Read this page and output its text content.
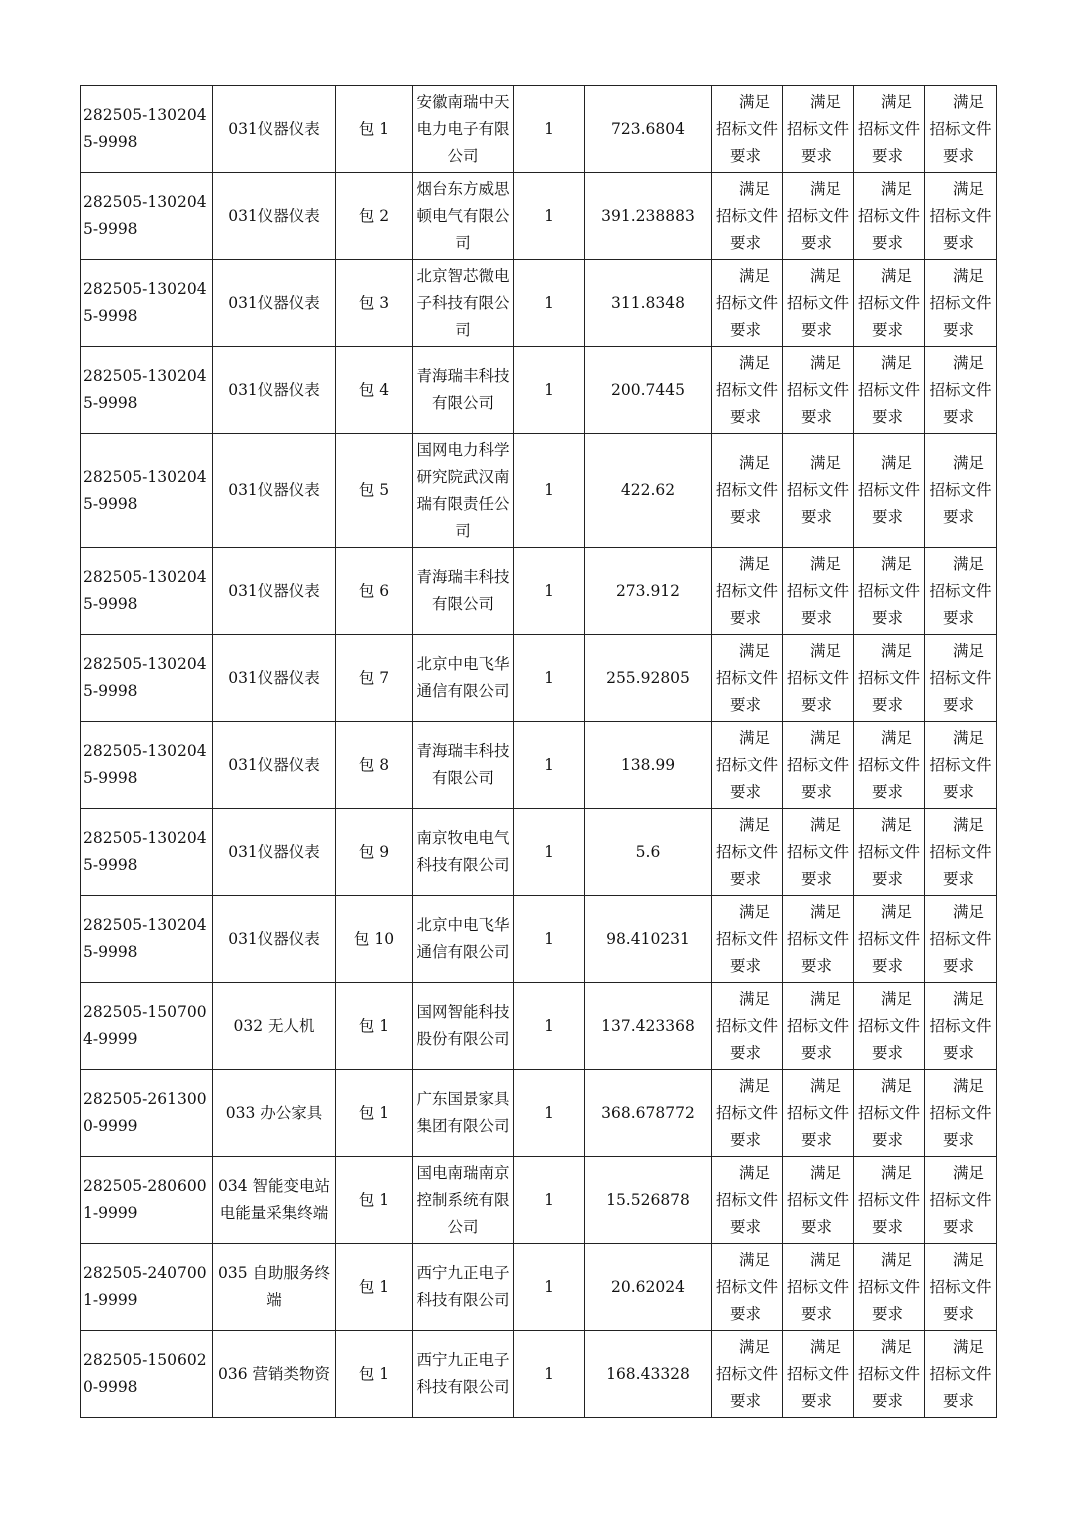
282505-1302045-9998	031仪器仪表	包 1	安徽南瑞中天电力电子有限公司	1	723.6804	满足
招标文件
要求	满足
招标文件
要求	满足
招标文件
要求	满足
招标文件
要求

282505-1302045-9998	031仪器仪表	包 2	烟台东方威思顿电气有限公司	1	391.238883	满足
招标文件
要求	满足
招标文件
要求	满足
招标文件
要求	满足
招标文件
要求

282505-1302045-9998	031仪器仪表	包 3	北京智芯微电子科技有限公司	1	311.8348	满足
招标文件
要求	满足
招标文件
要求	满足
招标文件
要求	满足
招标文件
要求

282505-1302045-9998	031仪器仪表	包 4	青海瑞丰科技有限公司	1	200.7445	满足
招标文件
要求	满足
招标文件
要求	满足
招标文件
要求	满足
招标文件
要求

282505-1302045-9998	031仪器仪表	包 5	国网电力科学研究院武汉南瑞有限责任公司	1	422.62	满足
招标文件
要求	满足
招标文件
要求	满足
招标文件
要求	满足
招标文件
要求

282505-1302045-9998	031仪器仪表	包 6	青海瑞丰科技有限公司	1	273.912	满足
招标文件
要求	满足
招标文件
要求	满足
招标文件
要求	满足
招标文件
要求

282505-1302045-9998	031仪器仪表	包 7	北京中电飞华通信有限公司	1	255.92805	满足
招标文件
要求	满足
招标文件
要求	满足
招标文件
要求	满足
招标文件
要求

282505-1302045-9998	031仪器仪表	包 8	青海瑞丰科技有限公司	1	138.99	满足
招标文件
要求	满足
招标文件
要求	满足
招标文件
要求	满足
招标文件
要求

282505-1302045-9998	031仪器仪表	包 9	南京牧电电气科技有限公司	1	5.6	满足
招标文件
要求	满足
招标文件
要求	满足
招标文件
要求	满足
招标文件
要求

282505-1302045-9998	031仪器仪表	包 10	北京中电飞华通信有限公司	1	98.410231	满足
招标文件
要求	满足
招标文件
要求	满足
招标文件
要求	满足
招标文件
要求

282505-1507004-9999	032 无人机	包 1	国网智能科技股份有限公司	1	137.423368	满足
招标文件
要求	满足
招标文件
要求	满足
招标文件
要求	满足
招标文件
要求

282505-2613000-9999	033 办公家具	包 1	广东国景家具集团有限公司	1	368.678772	满足
招标文件
要求	满足
招标文件
要求	满足
招标文件
要求	满足
招标文件
要求

282505-2806001-9999	034 智能变电站电能量采集终端	包 1	国电南瑞南京控制系统有限公司	1	15.526878	满足
招标文件
要求	满足
招标文件
要求	满足
招标文件
要求	满足
招标文件
要求

282505-2407001-9999	035 自助服务终端	包 1	西宁九正电子科技有限公司	1	20.62024	满足
招标文件
要求	满足
招标文件
要求	满足
招标文件
要求	满足
招标文件
要求

282505-1506020-9998	036 营销类物资	包 1	西宁九正电子科技有限公司	1	168.43328	满足
招标文件
要求	满足
招标文件
要求	满足
招标文件
要求	满足
招标文件
要求
